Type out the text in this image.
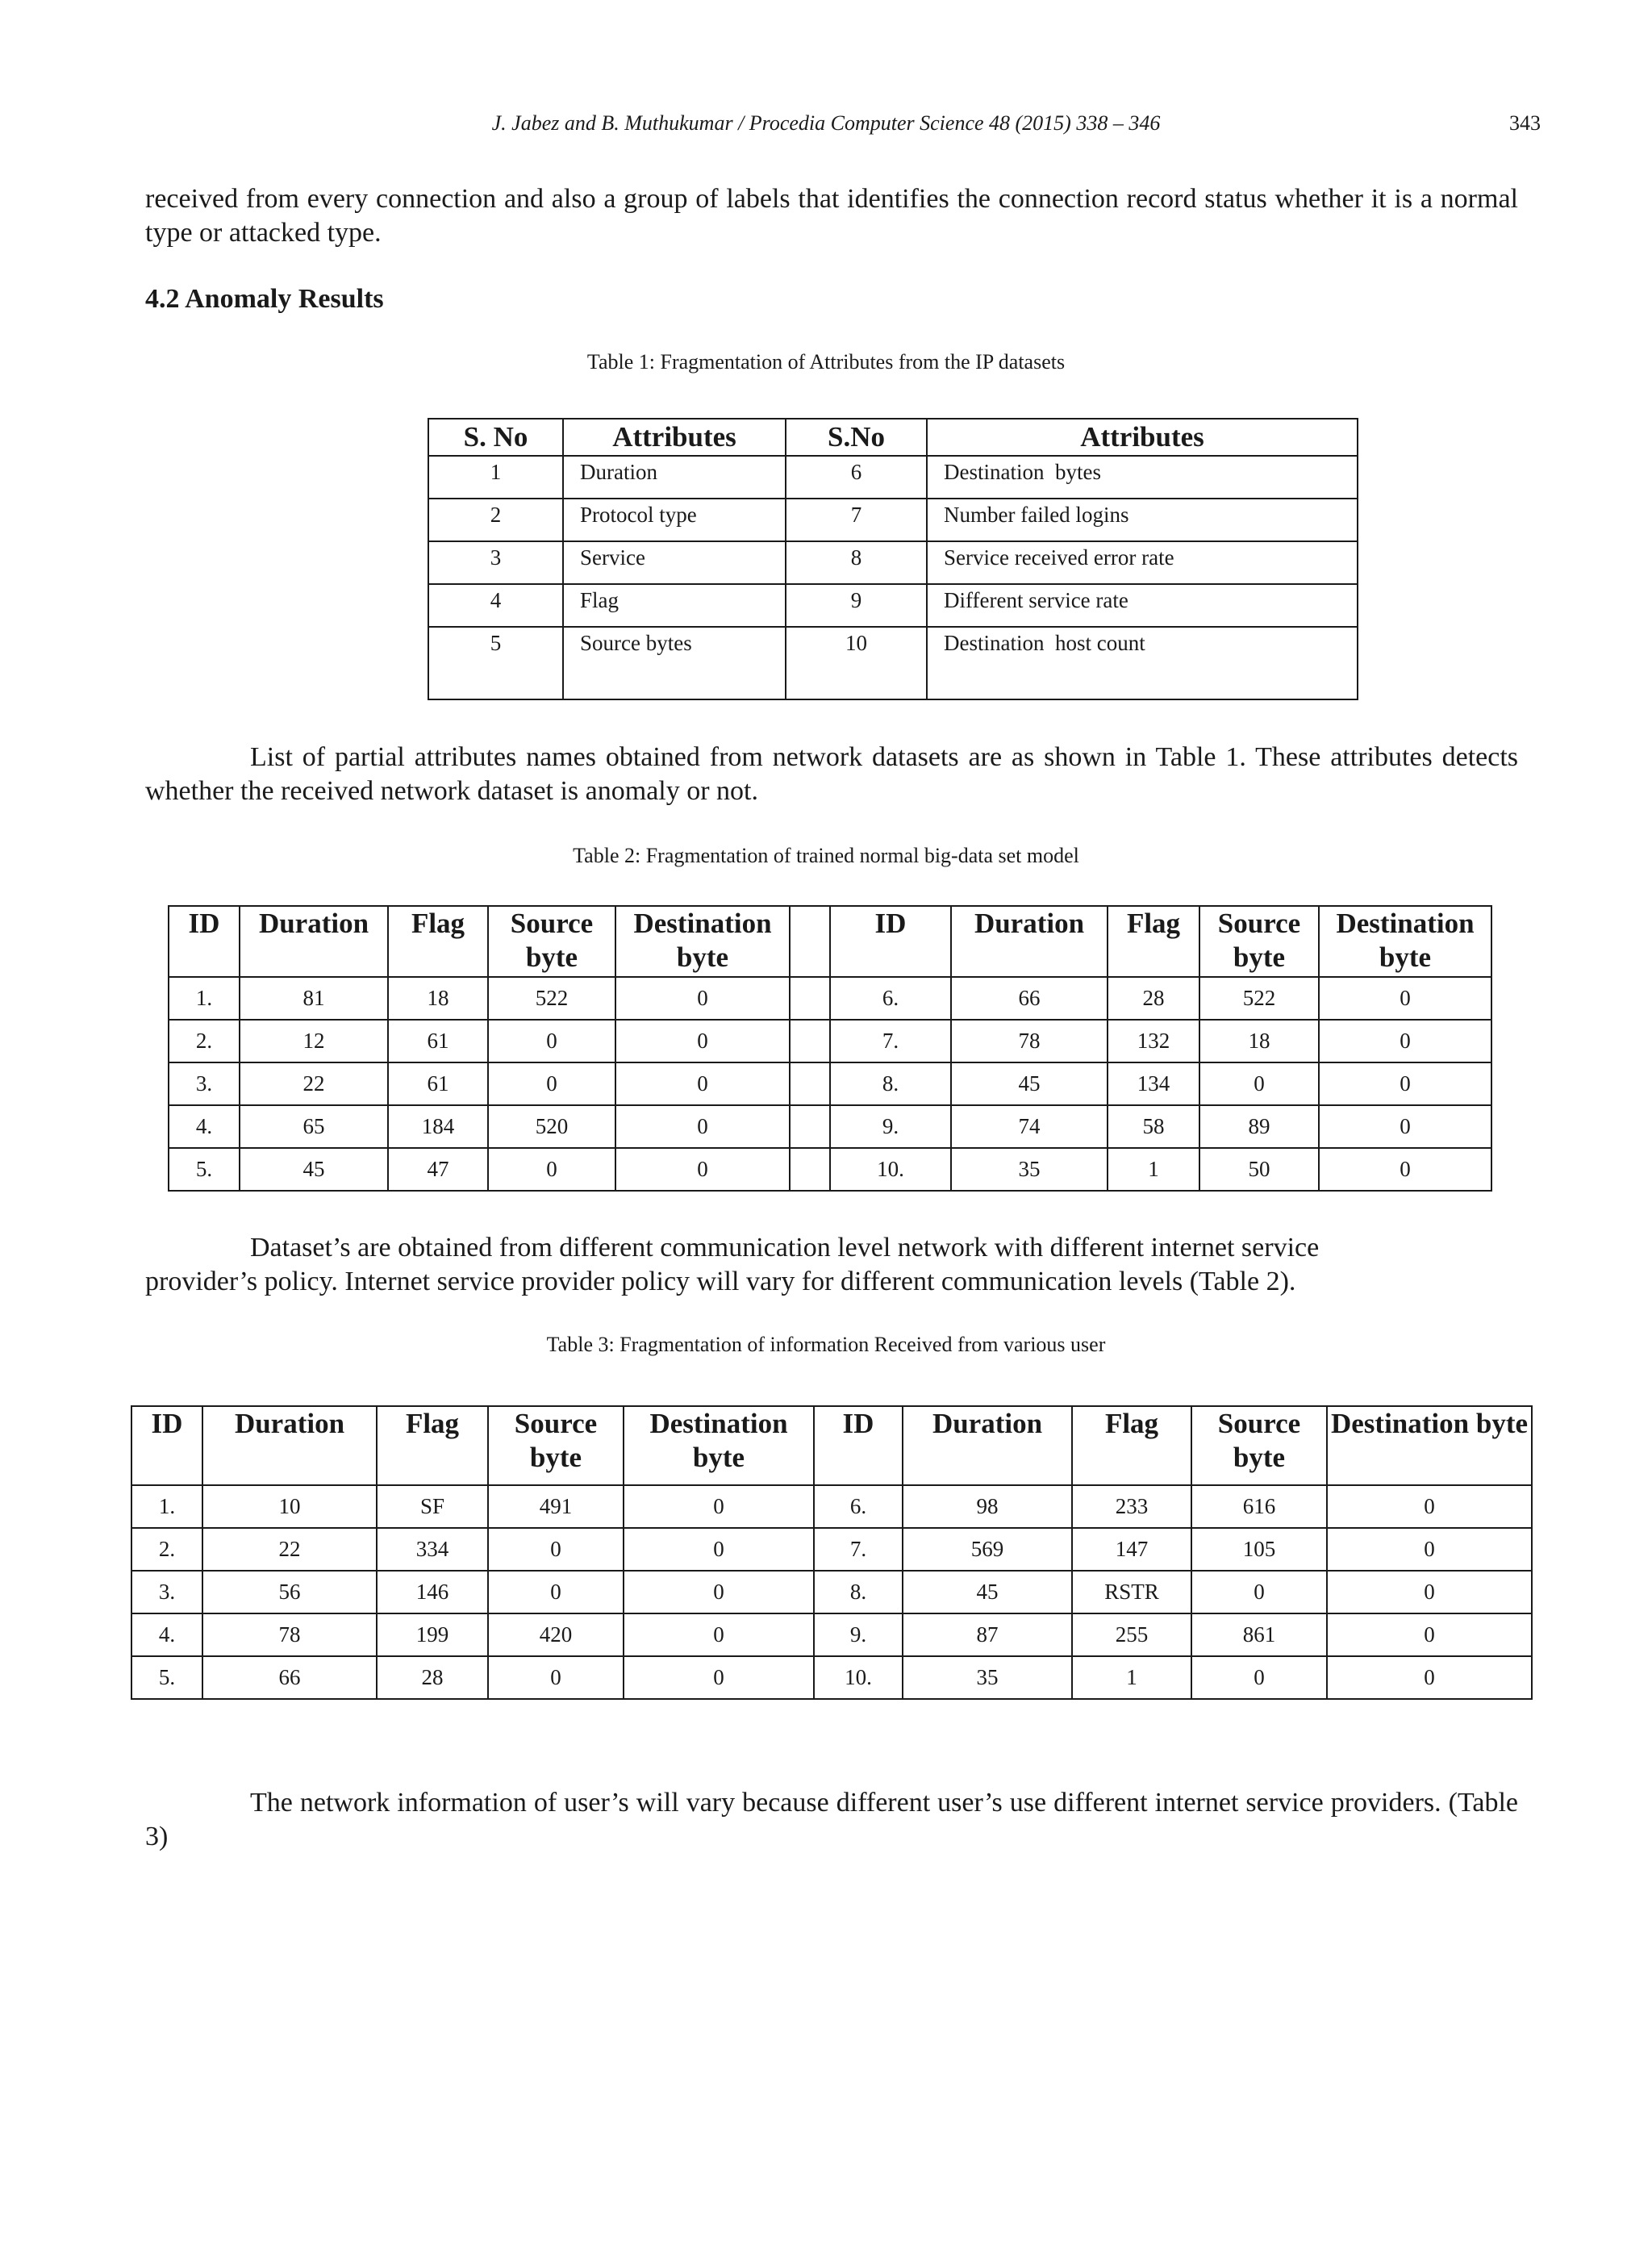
J. Jabez and B. Muthukumar / Procedia Computer Science 48 (2015) 338 – 346	343
received from every connection and also a group of labels that identifies the connection record status whether it is a normal type or attacked type.
4.2 Anomaly Results
Table 1: Fragmentation of Attributes from the IP datasets
S. No	Attributes	S.No	Attributes
1	Duration	6	Destination  bytes
2	Protocol type	7	Number failed logins
3	Service	8	Service received error rate
4	Flag	9	Different service rate
5	Source bytes	10	Destination  host count
List of partial attributes names obtained from network datasets are as shown in Table 1. These attributes detects whether the received network dataset is anomaly or not.
Table 2: Fragmentation of trained normal big-data set model
ID	Duration	Flag	Source byte	Destination byte		ID	Duration	Flag	Source byte	Destination byte
1.	81	18	522	0		6.	66	28	522	0
2.	12	61	0	0		7.	78	132	18	0
3.	22	61	0	0		8.	45	134	0	0
4.	65	184	520	0		9.	74	58	89	0
5.	45	47	0	0		10.	35	1	50	0
Dataset’s are obtained from different communication level network with different internet service
provider’s policy. Internet service provider policy will vary for different communication levels (Table 2).
Table 3: Fragmentation of information Received from various user
ID	Duration	Flag	Source byte	Destination byte	ID	Duration	Flag	Source byte	Destination byte
1.	10	SF	491	0	6.	98	233	616	0
2.	22	334	0	0	7.	569	147	105	0
3.	56	146	0	0	8.	45	RSTR	0	0
4.	78	199	420	0	9.	87	255	861	0
5.	66	28	0	0	10.	35	1	0	0
The network information of user’s will vary because different user’s use different internet service providers. (Table 3)
